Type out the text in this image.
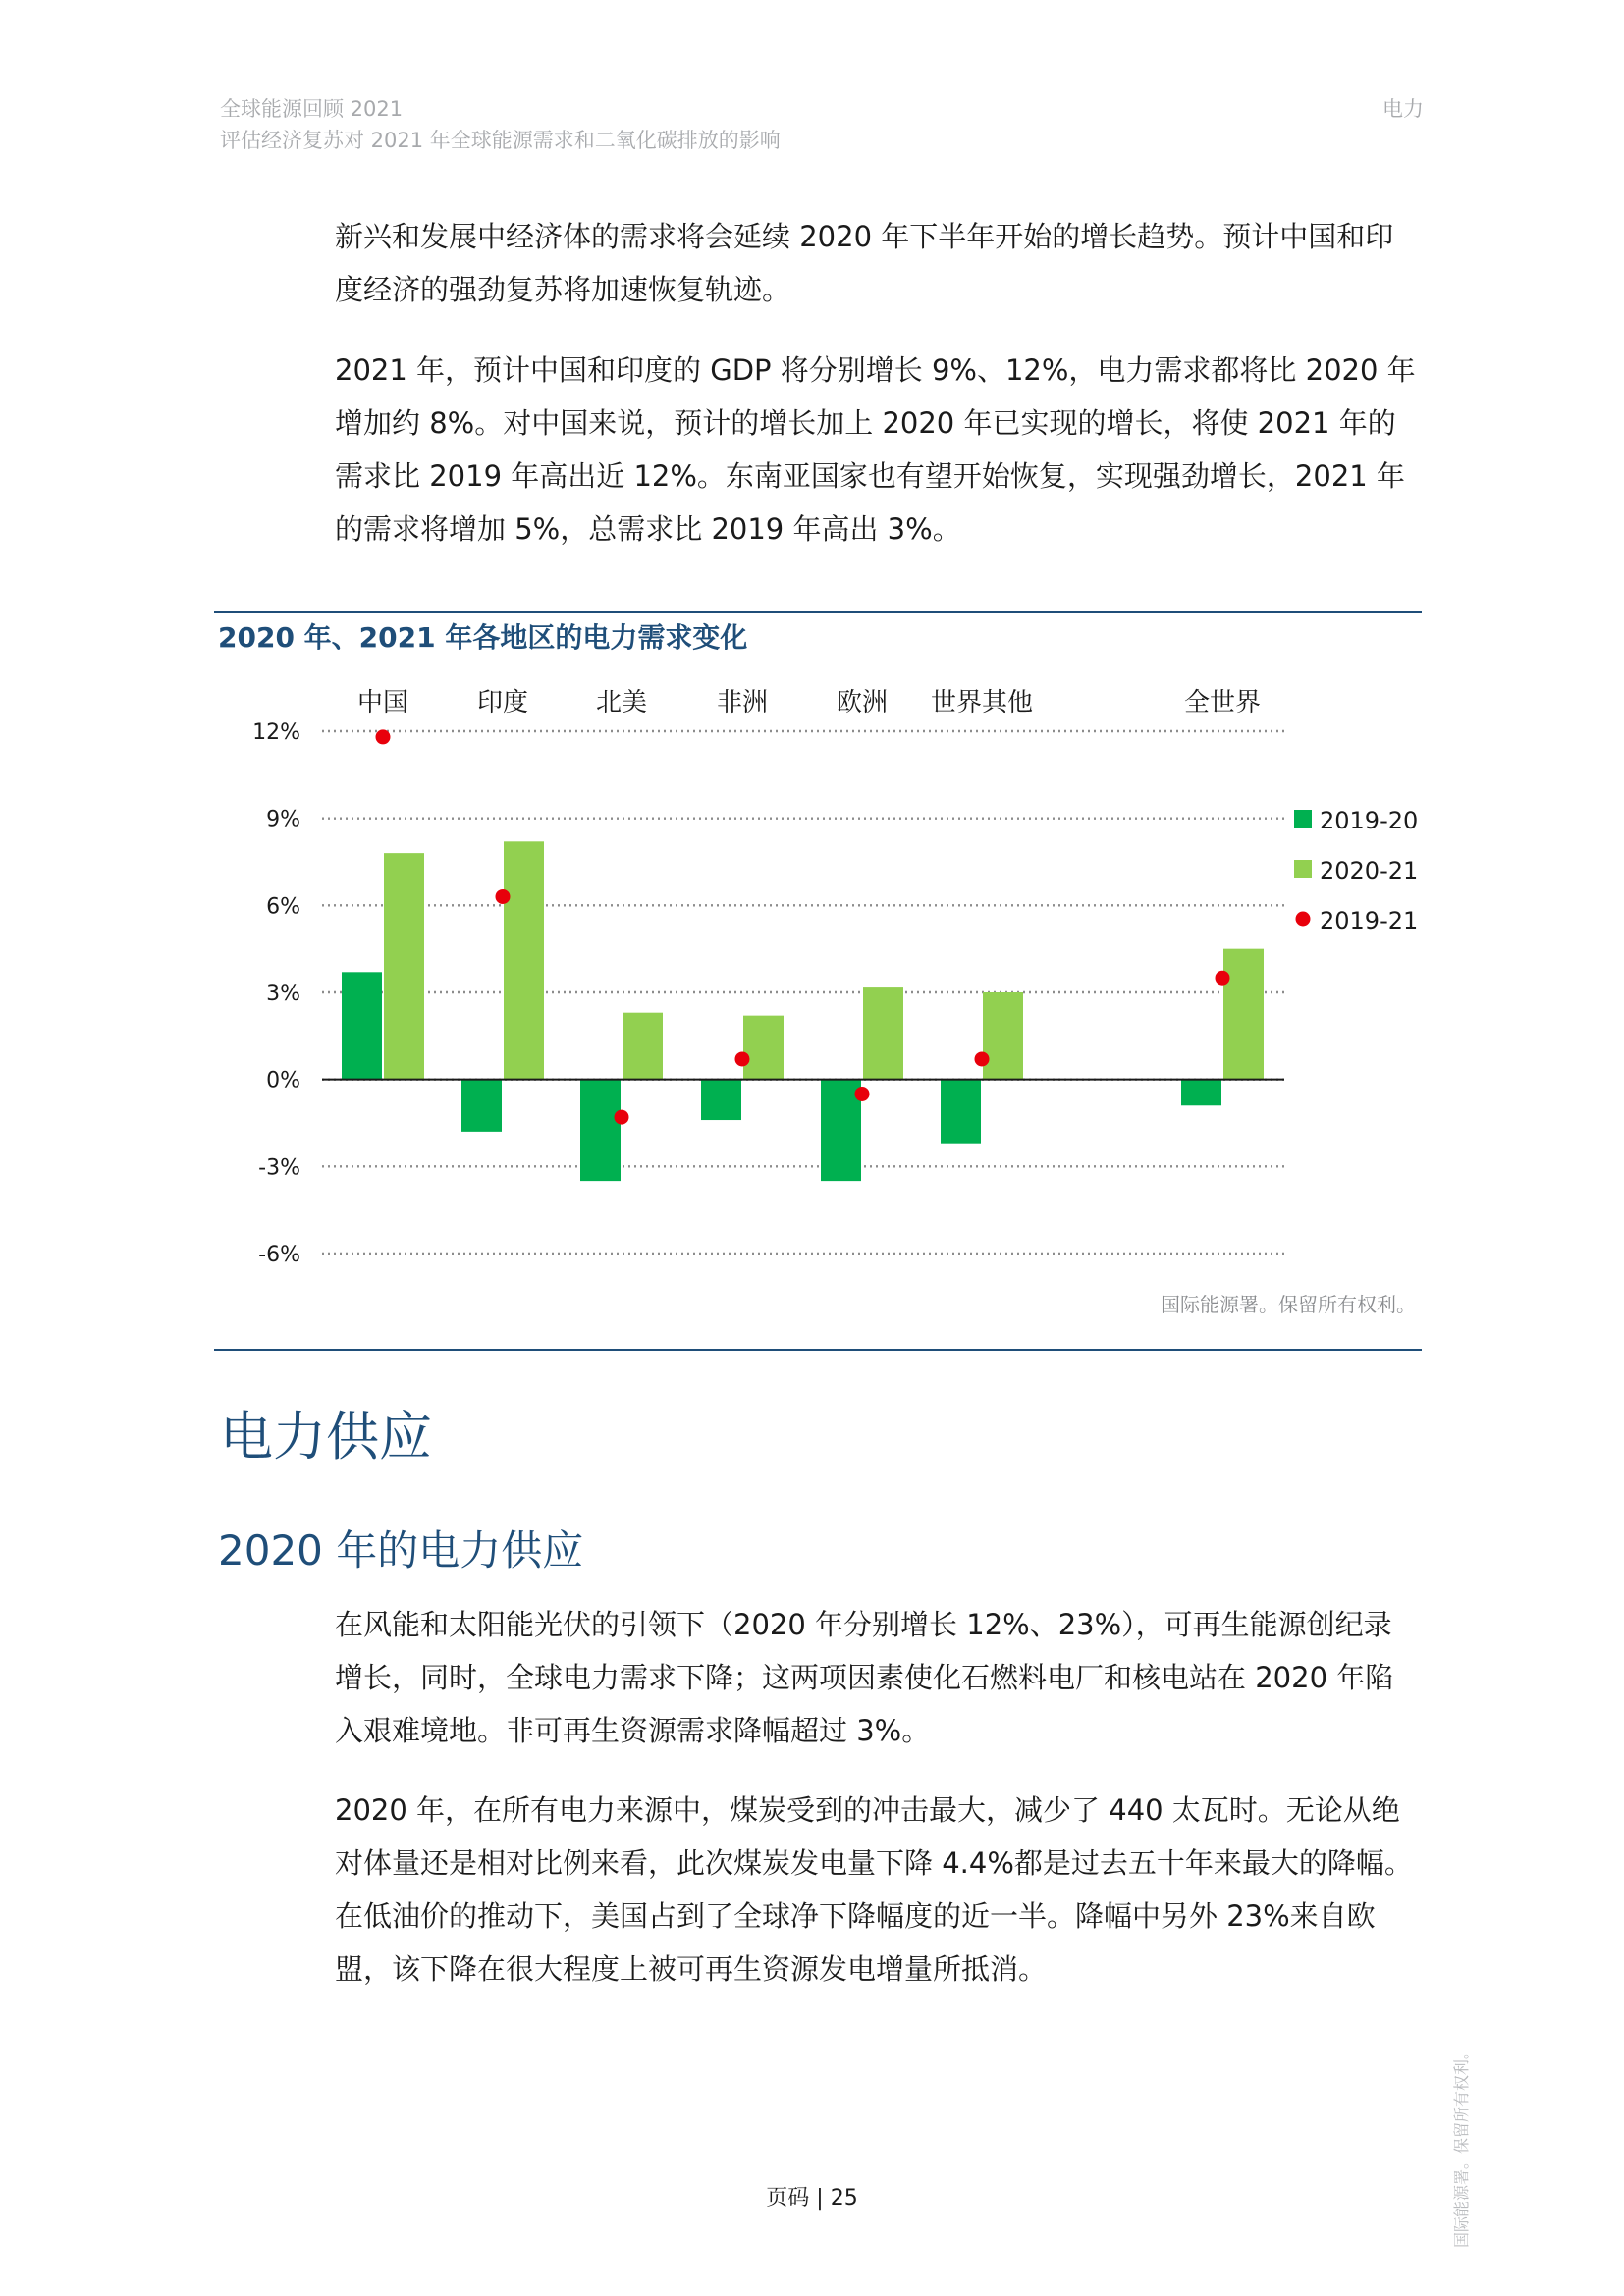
全球能源回顾 2021
评估经济复苏对 2021 年全球能源需求和二氧化碳排放的影响
电力

新兴和发展中经济体的需求将会延续 2020 年下半年开始的增长趋势。预计中国和印度经济的强劲复苏将加速恢复轨迹。

2021 年，预计中国和印度的 GDP 将分别增长 9%、12%，电力需求都将比 2020 年增加约 8%。对中国来说，预计的增长加上 2020 年已实现的增长，将使 2021 年的需求比 2019 年高出近 12%。东南亚国家也有望开始恢复，实现强劲增长，2021 年的需求将增加 5%，总需求比 2019 年高出 3%。

2020 年、2021 年各地区的电力需求变化
12%
9%
6%
3%
0%
-3%
-6%
中国	印度	北美	非洲	欧洲 世界其他	全世界
2019-20
2020-21
2019-21
国际能源署。保留所有权利。
电力供应
2020 年的电力供应

在风能和太阳能光伏的引领下（2020 年分别增长 12%、23%），可再生能源创纪录增长，同时，全球电力需求下降；这两项因素使化石燃料电厂和核电站在 2020 年陷入艰难境地。非可再生资源需求降幅超过 3%。

2020 年，在所有电力来源中，煤炭受到的冲击最大，减少了 440 太瓦时。无论从绝对体量还是相对比例来看，此次煤炭发电量下降 4.4%都是过去五十年来最大的降幅。在低油价的推动下，美国占到了全球净下降幅度的近一半。降幅中另外 23%来自欧盟，该下降在很大程度上被可再生资源发电增量所抵消。

页码 | 25	国际能源署。保留所有权利。
